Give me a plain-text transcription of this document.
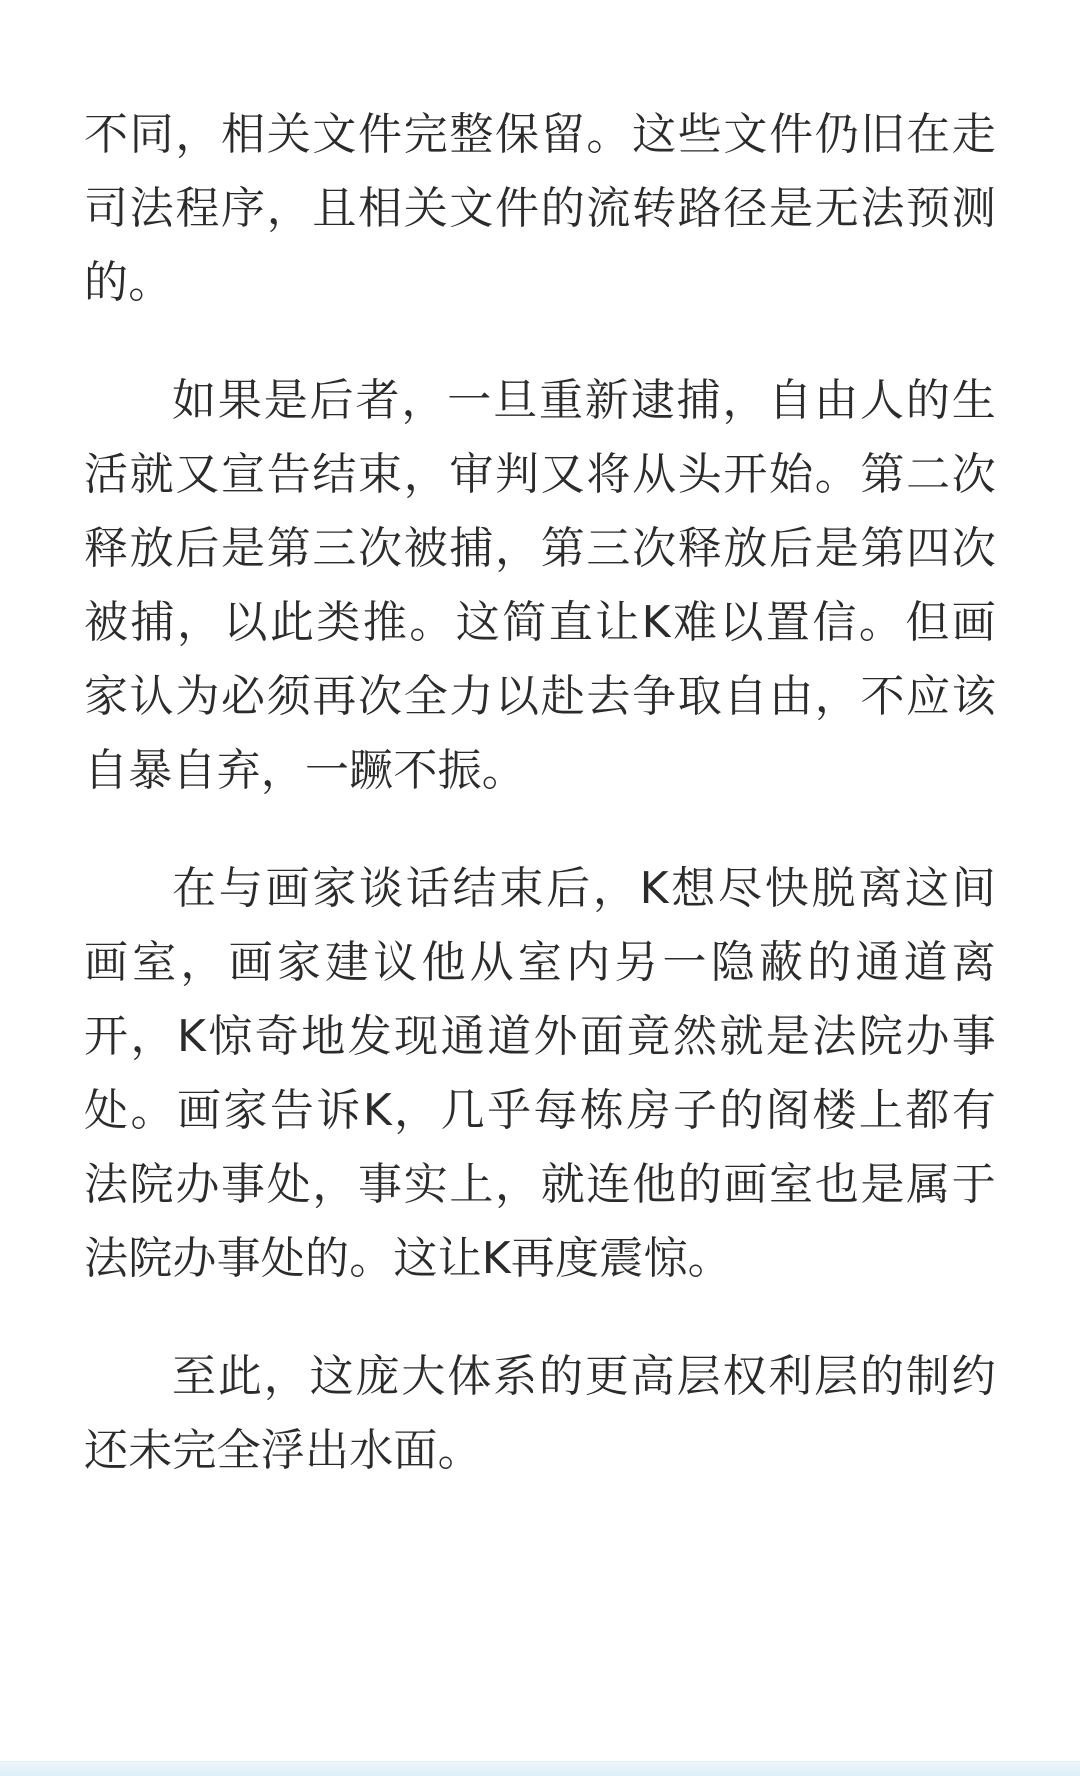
不同，相关文件完整保留。这些文件仍旧在走司法程序，且相关文件的流转路径是无法预测的。

如果是后者，一旦重新逮捕，自由人的生活就又宣告结束，审判又将从头开始。第二次释放后是第三次被捕，第三次释放后是第四次被捕，以此类推。这简直让K难以置信。但画家认为必须再次全力以赴去争取自由，不应该自暴自弃，一蹶不振。

在与画家谈话结束后，K想尽快脱离这间画室，画家建议他从室内另一隐蔽的通道离开，K惊奇地发现通道外面竟然就是法院办事处。画家告诉K，几乎每栋房子的阁楼上都有法院办事处，事实上，就连他的画室也是属于法院办事处的。这让K再度震惊。

至此，这庞大体系的更高层权利层的制约还未完全浮出水面。
